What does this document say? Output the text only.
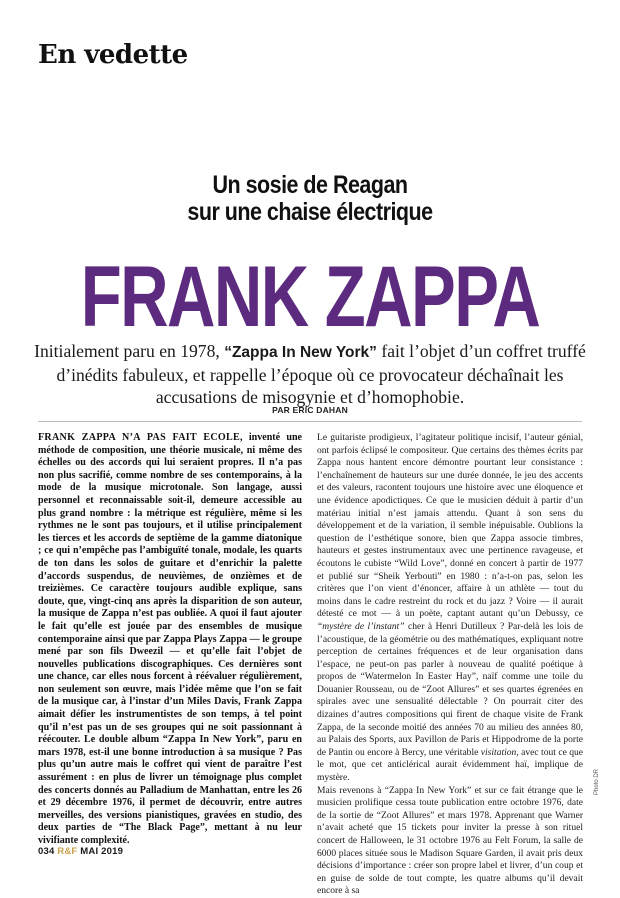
En vedette
Un sosie de Reagan
sur une chaise électrique
FRANK ZAPPA
Initialement paru en 1978, “Zappa In New York” fait l’objet d’un coffret truffé d’inédits fabuleux, et rappelle l’époque où ce provocateur déchaînait les accusations de misogynie et d’homophobie.
PAR ERIC DAHAN

FRANK ZAPPA N’A PAS FAIT ECOLE, inventé une méthode de composition, une théorie musicale, ni même des échelles ou des accords qui lui seraient propres. Il n’a pas non plus sacrifié, comme nombre de ses contemporains, à la mode de la musique microtonale. Son langage, aussi personnel et reconnaissable soit-il, demeure accessible au plus grand nombre : la métrique est régulière, même si les rythmes ne le sont pas toujours, et il utilise principalement les tierces et les accords de septième de la gamme diatonique ; ce qui n’empêche pas l’ambiguïté tonale, modale, les quarts de ton dans les solos de guitare et d’enrichir la palette d’accords suspendus, de neuvièmes, de onzièmes et de treizièmes. Ce caractère toujours audible explique, sans doute, que, vingt-cinq ans après la disparition de son auteur, la musique de Zappa n’est pas oubliée. A quoi il faut ajouter le fait qu’elle est jouée par des ensembles de musique contemporaine ainsi que par Zappa Plays Zappa — le groupe mené par son fils Dweezil — et qu’elle fait l’objet de nouvelles publications discographiques. Ces dernières sont une chance, car elles nous forcent à réévaluer régulièrement, non seulement son œuvre, mais l’idée même que l’on se fait de la musique car, à l’instar d’un Miles Davis, Frank Zappa aimait défier les instrumentistes de son temps, à tel point qu’il n’est pas un de ses groupes qui ne soit passionnant à réécouter. Le double album “Zappa In New York”, paru en mars 1978, est-il une bonne introduction à sa musique ? Pas plus qu’un autre mais le coffret qui vient de paraître l’est assurément : en plus de livrer un témoignage plus complet des concerts donnés au Palladium de Manhattan, entre les 26 et 29 décembre 1976, il permet de découvrir, entre autres merveilles, des versions pianistiques, gravées en studio, des deux parties de “The Black Page”, mettant à nu leur vivifiante complexité.

Le guitariste prodigieux, l’agitateur politique incisif, l’auteur génial, ont parfois éclipsé le compositeur. Que certains des thèmes écrits par Zappa nous hantent encore démontre pourtant leur consistance : l’enchaînement de hauteurs sur une durée donnée, le jeu des accents et des valeurs, racontent toujours une histoire avec une éloquence et une évidence apodictiques. Ce que le musicien déduit à partir d’un matériau initial n’est jamais attendu. Quant à son sens du développement et de la variation, il semble inépuisable. Oublions la question de l’esthétique sonore, bien que Zappa associe timbres, hauteurs et gestes instrumentaux avec une pertinence ravageuse, et écoutons le cubiste “Wild Love”, donné en concert à partir de 1977 et publié sur “Sheik Yerbouti” en 1980 : n’a-t-on pas, selon les critères que l’on vient d’énoncer, affaire à un athlète — tout du moins dans le cadre restreint du rock et du jazz ? Voire — il aurait détesté ce mot — à un poète, captant autant qu’un Debussy, ce “mystère de l’instant” cher à Henri Dutilleux ? Par-delà les lois de l’acoustique, de la géométrie ou des mathématiques, expliquant notre perception de certaines fréquences et de leur organisation dans l’espace, ne peut-on pas parler à nouveau de qualité poétique à propos de “Watermelon In Easter Hay”, naïf comme une toile du Douanier Rousseau, ou de “Zoot Allures” et ses quartes égrenées en spirales avec une sensualité délectable ? On pourrait citer des dizaines d’autres compositions qui firent de chaque visite de Frank Zappa, de la seconde moitié des années 70 au milieu des années 80, au Palais des Sports, aux Pavillon de Paris et Hippodrome de la porte de Pantin ou encore à Bercy, une véritable visitation, avec tout ce que le mot, que cet anticlérical aurait évidemment haï, implique de mystère.

Mais revenons à “Zappa In New York” et sur ce fait étrange que le musicien prolifique cessa toute publication entre octobre 1976, date de la sortie de “Zoot Allures” et mars 1978. Apprenant que Warner n’avait acheté que 15 tickets pour inviter la presse à son rituel concert de Halloween, le 31 octobre 1976 au Felt Forum, la salle de 6000 places située sous le Madison Square Garden, il avait pris deux décisions d’importance : créer son propre label et livrer, d’un coup et en guise de solde de tout compte, les quatre albums qu’il devait encore à sa

Photo DR
034 R&F MAI 2019
